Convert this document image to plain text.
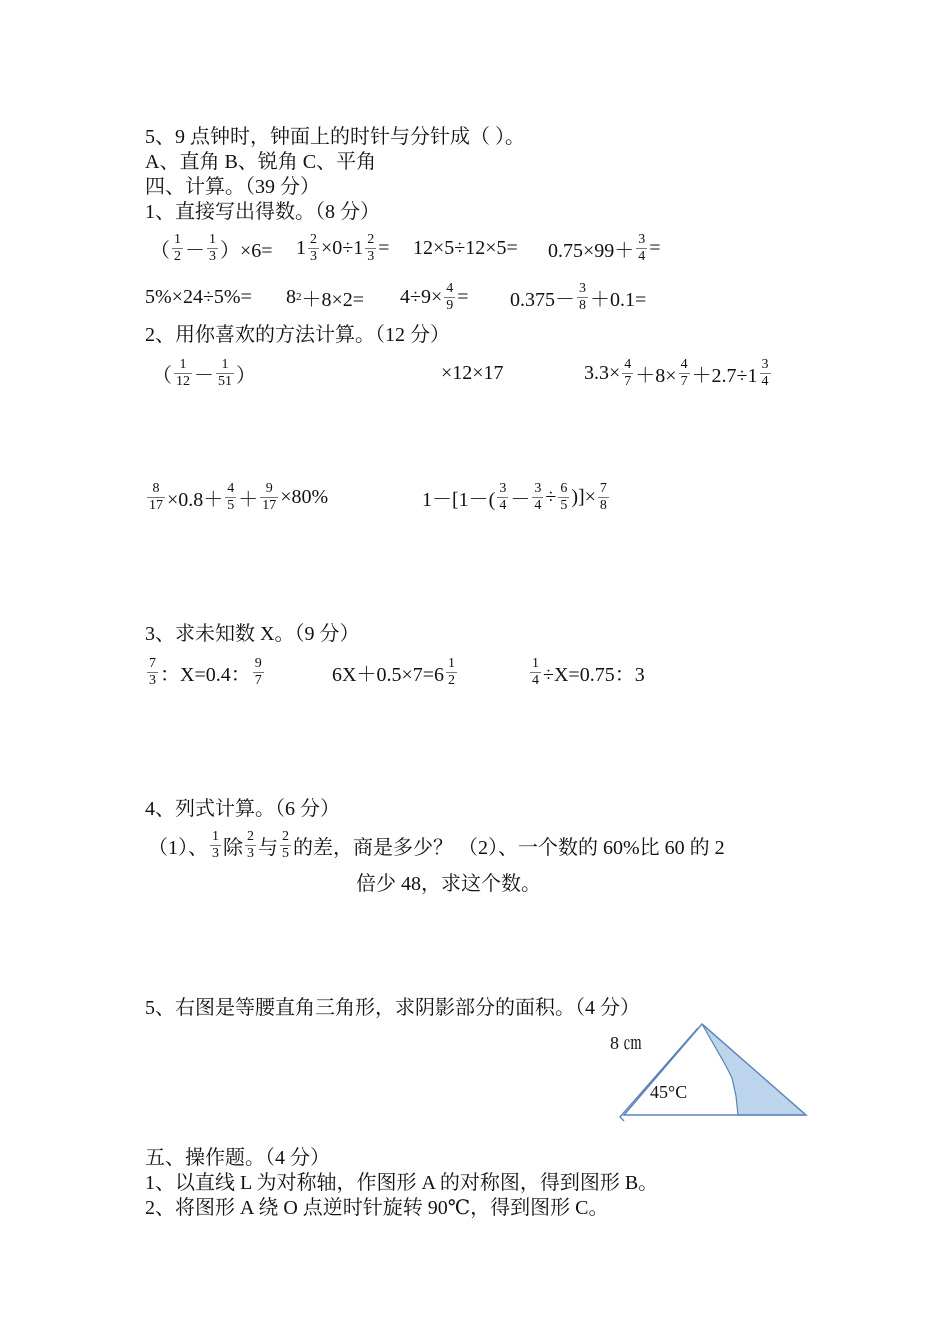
5、9 点钟时，钟面上的时针与分针成（ ）。
A、直角 B、锐角 C、平角
四、计算。（39 分）
1、直接写出得数。（8 分）
（ $\frac{1}{2} - \frac{1}{3} )\times 6= 1 \frac{2}{3} \times 0\div 1 \frac{2}{3} = 12\times 5\div 12\times 5= 0.75\times 99+ \frac{3}{4}$ =
5%×24÷5%= 8 $2 +8\times 2= 4\div 9\times \frac{4}{9} = 0.375- \frac{3}{8} +0.1=$
2、用你喜欢的方法计算。（12 分）
（ $\frac{1}{12} - \frac{1}{51}$ ）	×12×17	$3.3\times \frac{4}{7} +8\times \frac{4}{7} +2.7\div 1 \frac{3}{4}$
$\frac{8}{17} \times 0.8+ \frac{4}{5} + \frac{9}{17} \times 80\%$	$1-[1-( \frac{3}{4} - \frac{3}{4} \div \frac{6}{5}$ )]× $\frac{7}{8}$
3、求未知数 X。（9 分）
$\frac{7}{3}$ ：X=0.4： $\frac{9}{7}$	$6X+0.5\times 7=6 \frac{1}{2}$	$\frac{1}{4} \div X=0.75$：3
4、列式计算。（6 分）
（1）、 $\frac{1}{3}$ 除 $\frac{2}{3}$ 与 $\frac{2}{5}$ 的差，商是多少？ （2）、一个数的 60%比 60 的 2
倍少 48，求这个数。
5、右图是等腰直角三角形，求阴影部分的面积。（4 分）
8 ㎝
45°C
五、操作题。（4 分）
1、以直线 L 为对称轴，作图形 A 的对称图，得到图形 B。
2、将图形 A 绕 O 点逆时针旋转 90℃，得到图形 C。
